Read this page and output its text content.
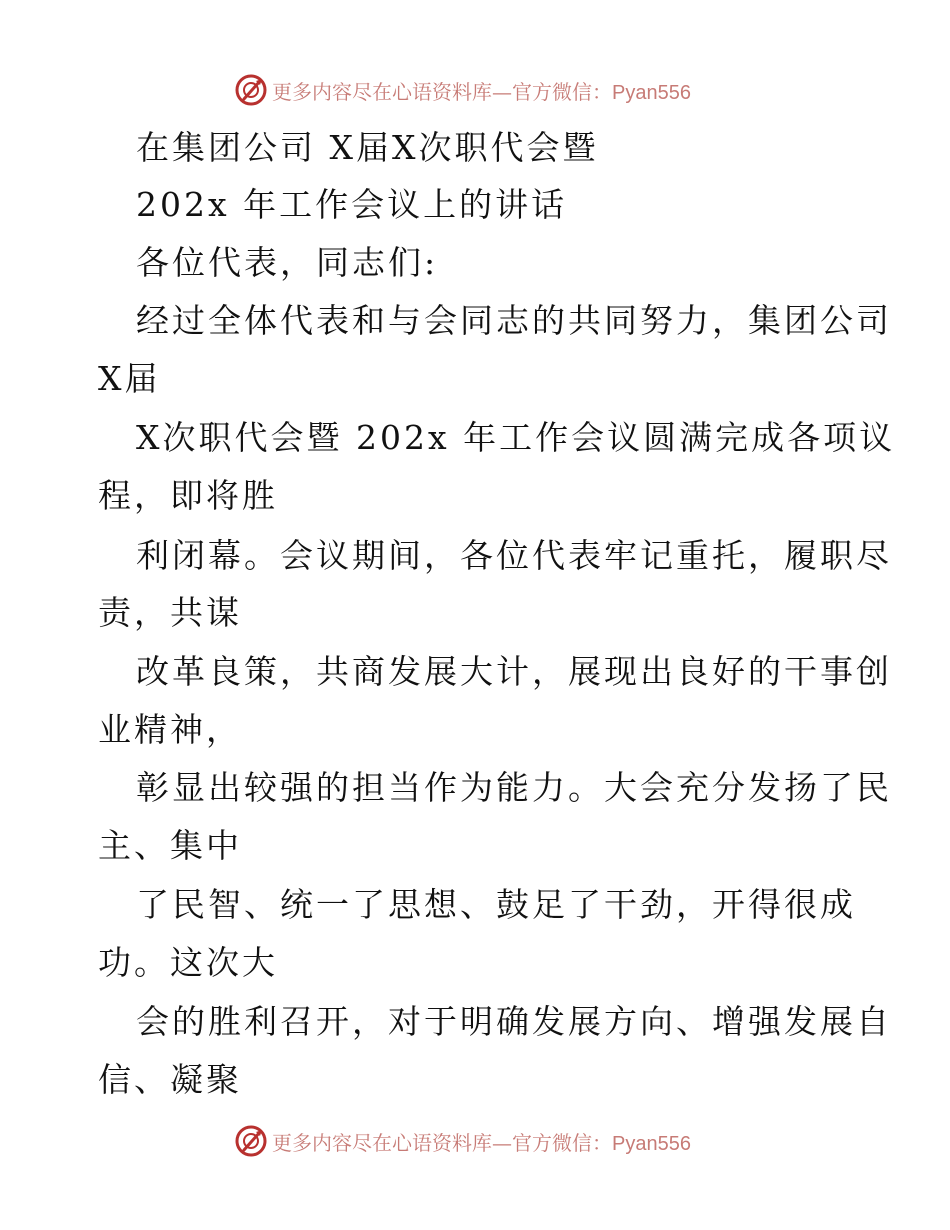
更多内容尽在心语资料库—官方微信：Pyan556
在集团公司 X届X次职代会暨
202x 年工作会议上的讲话
各位代表，同志们:
经过全体代表和与会同志的共同努力，集团公司
X届
X次职代会暨 202x 年工作会议圆满完成各项议
程，即将胜
利闭幕。会议期间，各位代表牢记重托，履职尽
责，共谋
改革良策，共商发展大计，展现出良好的干事创
业精神，
彰显出较强的担当作为能力。大会充分发扬了民
主、集中
了民智、统一了思想、鼓足了干劲，开得很成
功。这次大
会的胜利召开，对于明确发展方向、增强发展自
信、凝聚
更多内容尽在心语资料库—官方微信：Pyan556
